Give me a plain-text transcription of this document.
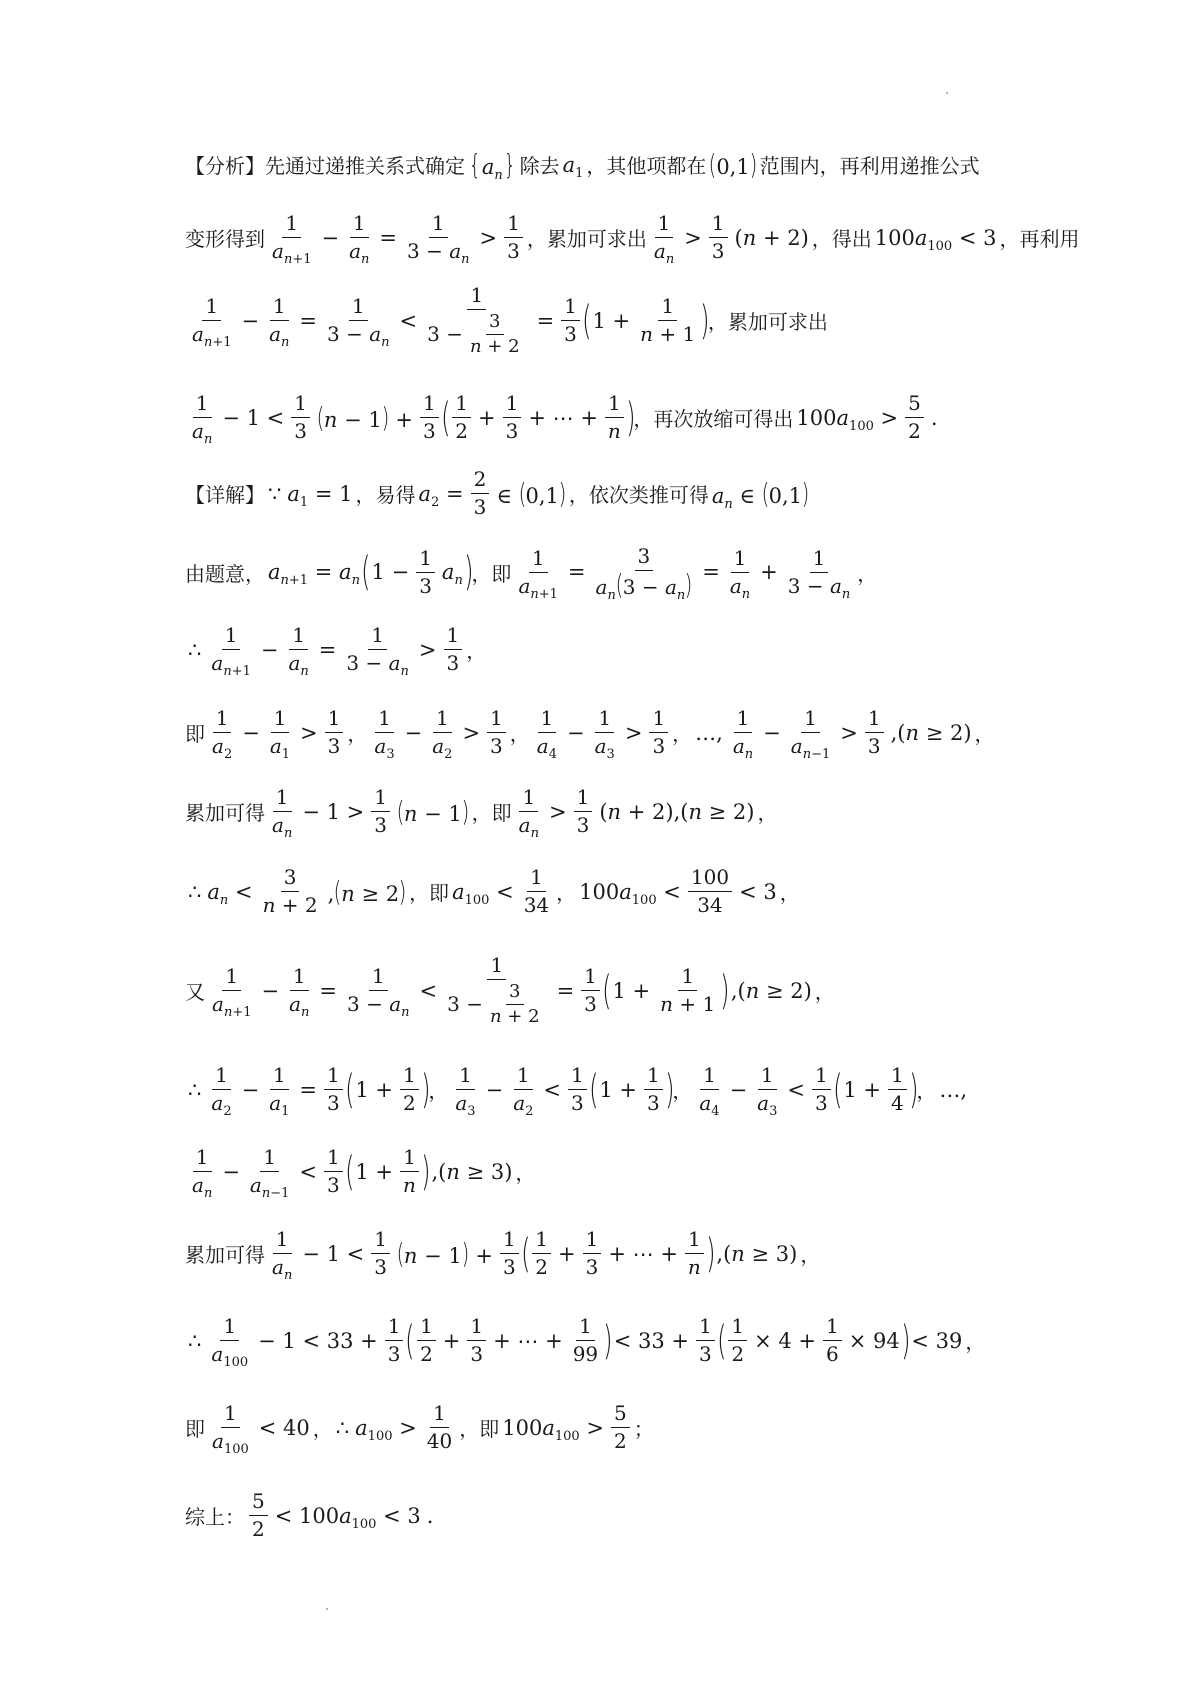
【分析】 先通过递推关系式确定 $\{a_n\}$ 除去 $a_1$ ，其他项都在 (0,1) 范围内，再利用递推公式
变形得到
1
$a_{n+1}$
− $\frac{1}{a_n} = \frac{1}{3 - a_n}$ >
1
3 ，累加可求出
1
$a_n$
>
1
3
(n + 2) ，得出 $100a_{100} < 3$ ，再利用
1
$a_{n+1}$
− $\frac{1}{a_n} = \frac{1}{3 - a_n} < 1$
3 −
3
$n + 2 = \frac{1}{3}$ ( $1 + \frac{1}{n + 1}$ )
，累加可求出
1
$a_n$
− 1 <
1
3 $(n - 1) + \frac{1}{3}$ ( 1
2
+ $\frac{1}{3}$ + ⋯ + $\frac{1}{n}$ )
，再次放缩可得出 $100a_{100}$ >
5
2
.
【详解】 ∵ $a_1 = 1$ ，易得 $a_2 = \frac{2}{3}$ ∈ (0,1) ，依次类推可得 $a_n$ ∈ (0,1)
由题意， $a_{n+1} = a_n$ ( $1 - \frac{1}{3} a_n$ )
，即 $\frac{1}{a_{n+1}} = \frac{3}{a_n(3 - a_n)} = \frac{1}{a_n} + \frac{1}{3 - a_n}$ ，
∴
1
$a_{n+1}$
− $\frac{1}{a_n} = \frac{1}{3 - a_n}$ >
1
3 ，
即
1
$a_2$
− $\frac{1}{a_1}$ >
1
3 ，
1
$a_3$
− $\frac{1}{a_2}$ >
1
3 ，
1
$a_4$
− $\frac{1}{a_3}$ >
1
3 ， …,
1
$a_n$
− $\frac{1}{a_{n-1}}$ >
1
3
,(n ≥ 2) ，
累加可得
1
$a_n$
− 1 >
1
3 (n − 1) ，即
1
$a_n$
>
1
3
(n + 2),(n ≥ 2) ，
∴ $a_n$ <
3
n + 2 ,(n ≥ 2) ，即 $a_{100}$ <
1
34 ， $100a_{100}$ <
100
34
< 3 ，
又
1
$a_{n+1}$
− $\frac{1}{a_n} = \frac{1}{3 - a_n} < 1$
3 −
3
$n + 2 = \frac{1}{3}$ ( $1 + \frac{1}{n + 1}$ ) ,(n ≥ 2) ，
∴
1
$a_2$
− $\frac{1}{a_1} = \frac{1}{3}$ ( $1 + \frac{1}{2}$ )
，
1
$a_3$
− $\frac{1}{a_2}$ <
1
3 ( $1 + \frac{1}{3}$ )
，
1
$a_4$
− $\frac{1}{a_3}$ <
1
3 ( $1 + \frac{1}{4}$ )
， …,
1
$a_n$
− $\frac{1}{a_{n-1}}$ <
1
3 ( $1 + \frac{1}{n}$ ) ,(n ≥ 3) ，
累加可得
1
$a_n$
− 1 <
1
3 $(n - 1) + \frac{1}{3}$ ( 1
2
+ $\frac{1}{3}$ + ⋯ + $\frac{1}{n}$ ) ,(n ≥ 3) ，
∴
1
$a_{100}$
− $1 < 33 + \frac{1}{3}$ ( 1
2
+ $\frac{1}{3}$ + ⋯ + $\frac{1}{99}$ ) < $33 + \frac{1}{3}$ ( $\frac{1}{2} \times 4 + \frac{1}{6} \times 94$ ) < 39 ，
即
1
$a_{100}$
< 40 ， ∴ $a_{100}$ >
1
40 ，即 $100a_{100}$ >
5
2 ；
综上：
5
2
< $100a_{100} < 3$ .
